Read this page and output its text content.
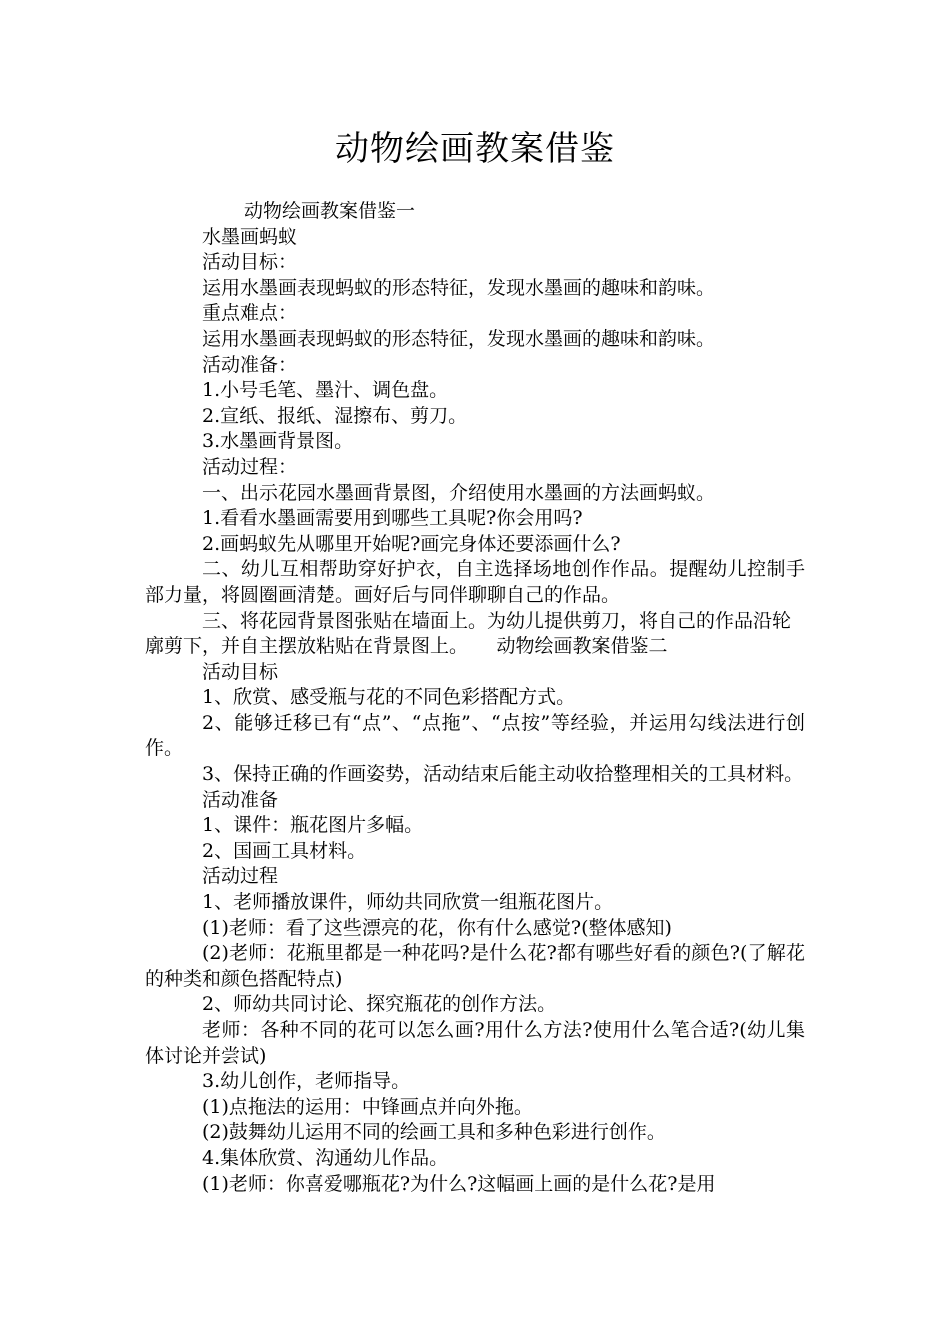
动物绘画教案借鉴

动物绘画教案借鉴一

水墨画蚂蚁

活动目标：

运用水墨画表现蚂蚁的形态特征，发现水墨画的趣味和韵味。

重点难点：

运用水墨画表现蚂蚁的形态特征，发现水墨画的趣味和韵味。

活动准备：

1.小号毛笔、墨汁、调色盘。

2.宣纸、报纸、湿擦布、剪刀。

3.水墨画背景图。

活动过程：

一、出示花园水墨画背景图，介绍使用水墨画的方法画蚂蚁。

1.看看水墨画需要用到哪些工具呢?你会用吗?

2.画蚂蚁先从哪里开始呢?画完身体还要添画什么?

二、幼儿互相帮助穿好护衣，自主选择场地创作作品。提醒幼儿控制手部力量，将圆圈画清楚。画好后与同伴聊聊自己的作品。

三、将花园背景图张贴在墙面上。为幼儿提供剪刀，将自己的作品沿轮廓剪下，并自主摆放粘贴在背景图上。　　动物绘画教案借鉴二

活动目标

1、欣赏、感受瓶与花的不同色彩搭配方式。

2、能够迁移已有“点”、“点拖”、“点按”等经验，并运用勾线法进行创作。

3、保持正确的作画姿势，活动结束后能主动收拾整理相关的工具材料。

活动准备

1、课件：瓶花图片多幅。

2、国画工具材料。

活动过程

1、老师播放课件，师幼共同欣赏一组瓶花图片。

(1)老师：看了这些漂亮的花，你有什么感觉?(整体感知)

(2)老师：花瓶里都是一种花吗?是什么花?都有哪些好看的颜色?(了解花的种类和颜色搭配特点)

2、师幼共同讨论、探究瓶花的创作方法。

老师：各种不同的花可以怎么画?用什么方法?使用什么笔合适?(幼儿集体讨论并尝试)

3.幼儿创作，老师指导。

(1)点拖法的运用：中锋画点并向外拖。

(2)鼓舞幼儿运用不同的绘画工具和多种色彩进行创作。

4.集体欣赏、沟通幼儿作品。

(1)老师：你喜爱哪瓶花?为什么?这幅画上画的是什么花?是用
